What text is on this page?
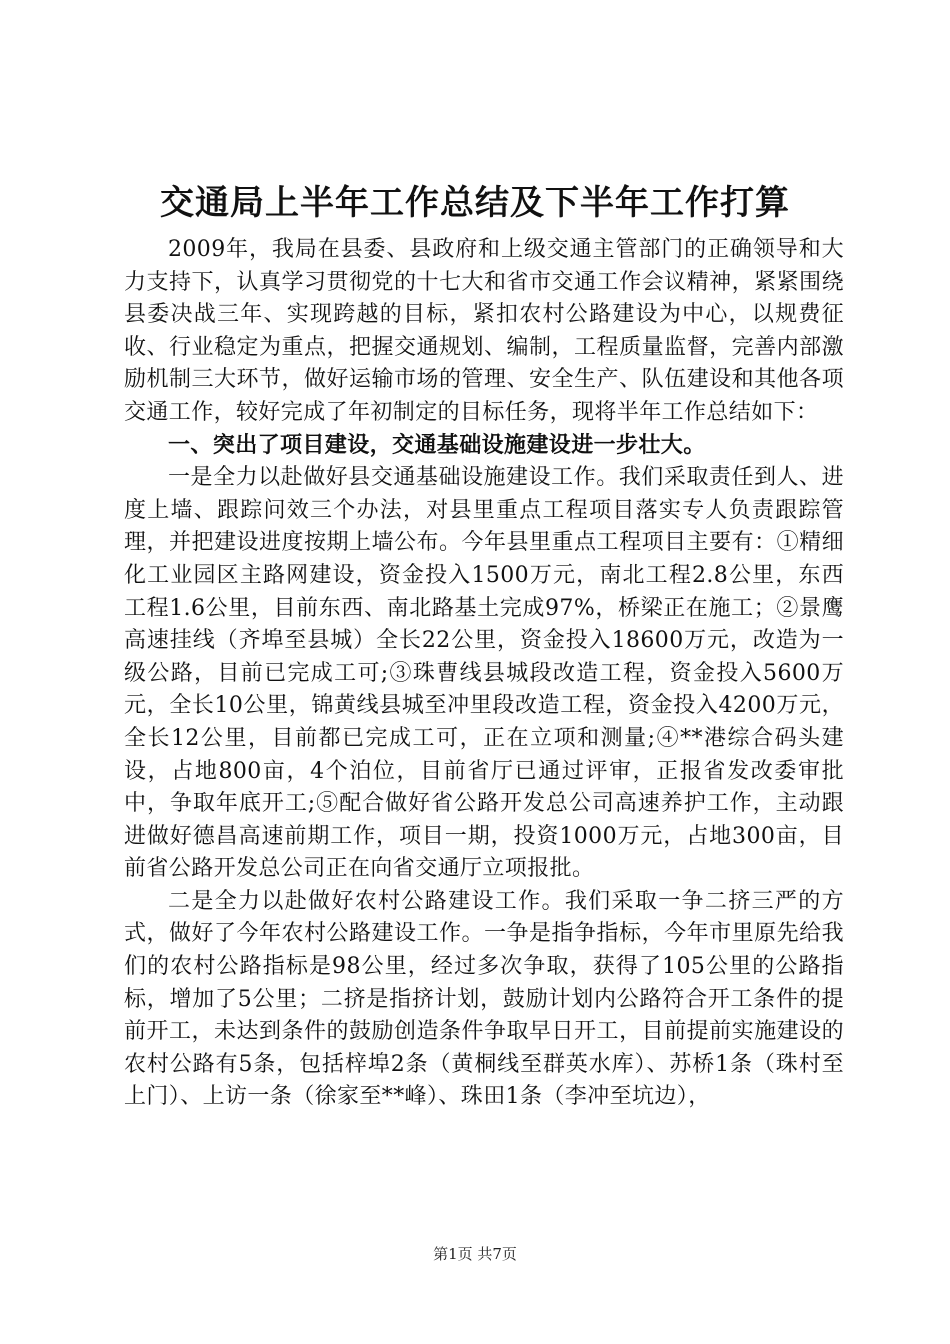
交通局上半年工作总结及下半年工作打算

2009年，我局在县委、县政府和上级交通主管部门的正确领导和大力支持下，认真学习贯彻党的十七大和省市交通工作会议精神，紧紧围绕县委决战三年、实现跨越的目标，紧扣农村公路建设为中心，以规费征收、行业稳定为重点，把握交通规划、编制，工程质量监督，完善内部激励机制三大环节，做好运输市场的管理、安全生产、队伍建设和其他各项交通工作，较好完成了年初制定的目标任务，现将半年工作总结如下：

一、突出了项目建设，交通基础设施建设进一步壮大。

一是全力以赴做好县交通基础设施建设工作。我们采取责任到人、进度上墙、跟踪问效三个办法，对县里重点工程项目落实专人负责跟踪管理，并把建设进度按期上墙公布。今年县里重点工程项目主要有：①精细化工业园区主路网建设，资金投入1500万元，南北工程2.8公里，东西工程1.6公里，目前东西、南北路基土完成97%，桥梁正在施工；②景鹰高速挂线（齐埠至县城）全长22公里，资金投入18600万元，改造为一级公路，目前已完成工可;③珠曹线县城段改造工程，资金投入5600万元，全长10公里，锦黄线县城至冲里段改造工程，资金投入4200万元，全长12公里，目前都已完成工可，正在立项和测量;④**港综合码头建设，占地800亩，4个泊位，目前省厅已通过评审，正报省发改委审批中，争取年底开工;⑤配合做好省公路开发总公司高速养护工作，主动跟进做好德昌高速前期工作，项目一期，投资1000万元，占地300亩，目前省公路开发总公司正在向省交通厅立项报批。

二是全力以赴做好农村公路建设工作。我们采取一争二挤三严的方式，做好了今年农村公路建设工作。一争是指争指标，今年市里原先给我们的农村公路指标是98公里，经过多次争取，获得了105公里的公路指标，增加了5公里；二挤是指挤计划，鼓励计划内公路符合开工条件的提前开工，未达到条件的鼓励创造条件争取早日开工，目前提前实施建设的农村公路有5条，包括梓埠2条（黄桐线至群英水库）、苏桥1条（珠村至上门）、上访一条（徐家至**峰）、珠田1条（李冲至坑边），

第1页 共7页
